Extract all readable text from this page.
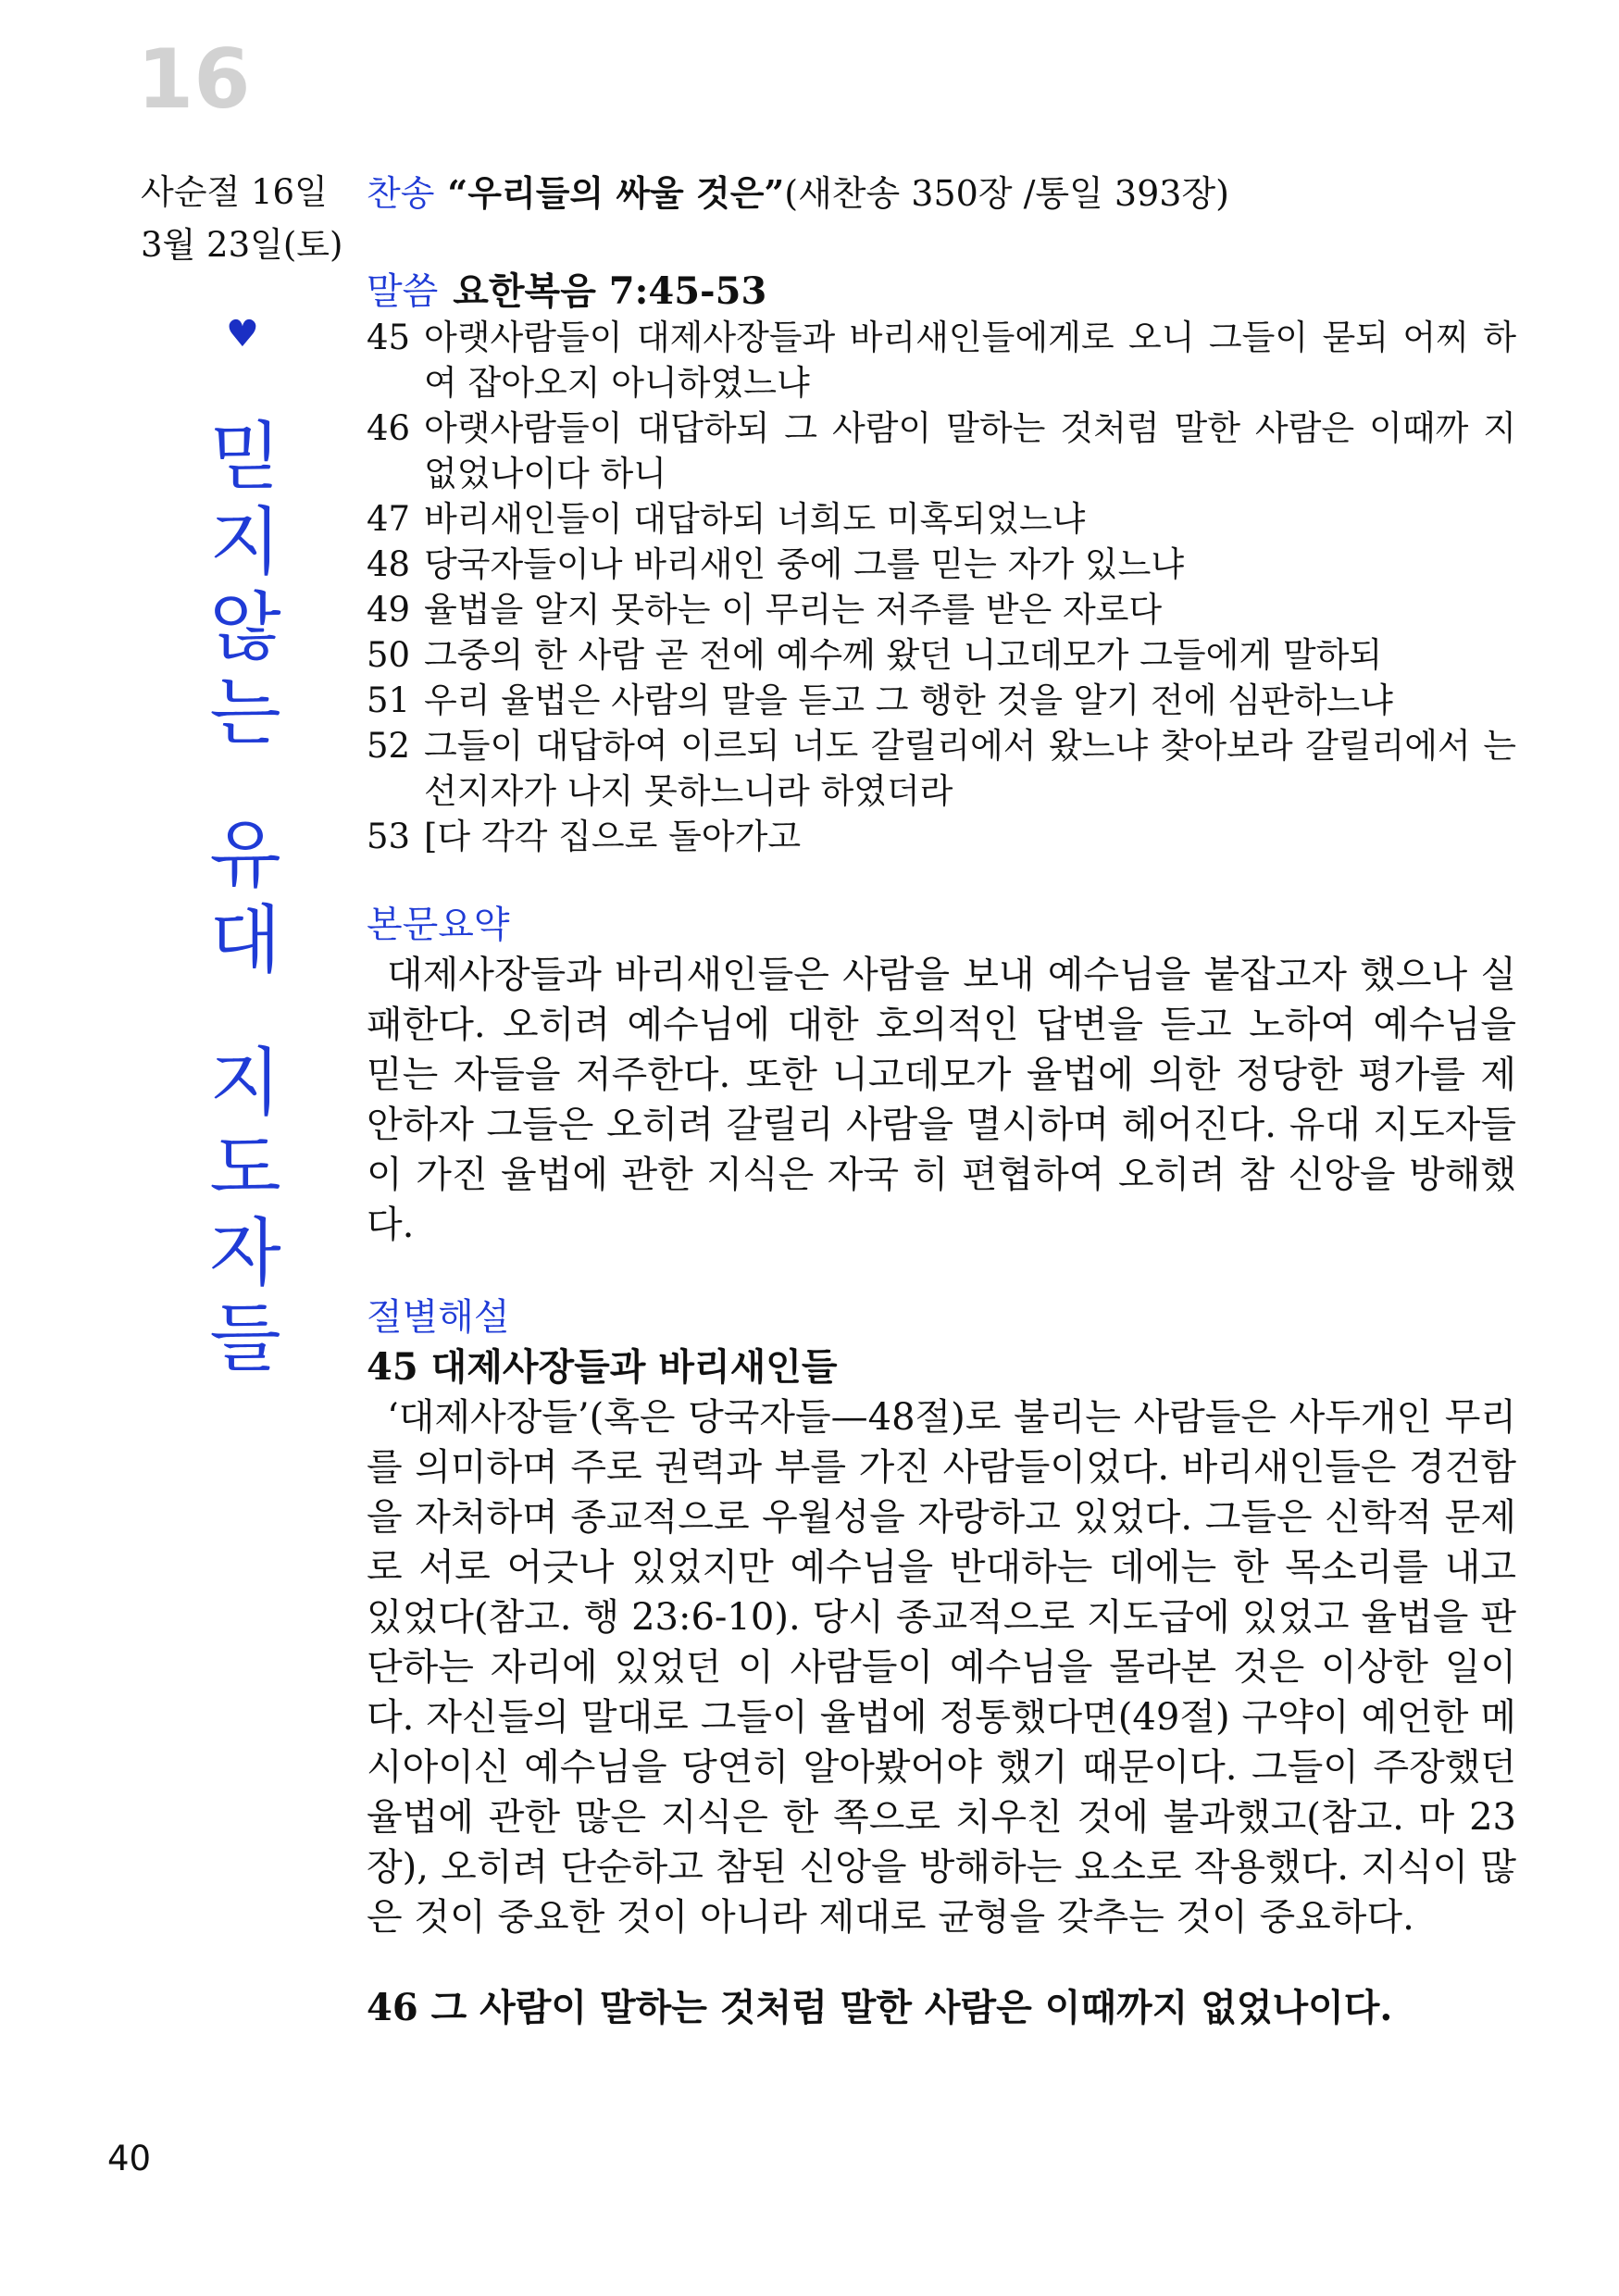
16
사순절 16일
3월 23일(토)
찬송 “우리들의 싸울 것은”(새찬송 350장 /통일 393장)
♥
믿
지
않
는
유
대
지
도
자
들

말씀 요한복음 7:45-53

45 아랫사람들이 대제사장들과 바리새인들에게로 오니 그들이 묻되 어찌 하여 잡아오지 아니하였느냐
46 아랫사람들이 대답하되 그 사람이 말하는 것처럼 말한 사람은 이때까 지 없었나이다 하니
47 바리새인들이 대답하되 너희도 미혹되었느냐
48 당국자들이나 바리새인 중에 그를 믿는 자가 있느냐
49 율법을 알지 못하는 이 무리는 저주를 받은 자로다
50 그중의 한 사람 곧 전에 예수께 왔던 니고데모가 그들에게 말하되
51 우리 율법은 사람의 말을 듣고 그 행한 것을 알기 전에 심판하느냐
52 그들이 대답하여 이르되 너도 갈릴리에서 왔느냐 찾아보라 갈릴리에서 는 선지자가 나지 못하느니라 하였더라
53 [다 각각 집으로 돌아가고

본문요약

대제사장들과 바리새인들은 사람을 보내 예수님을 붙잡고자 했으나 실패한다. 오히려 예수님에 대한 호의적인 답변을 듣고 노하여 예수님을 믿는 자들을 저주한다. 또한 니고데모가 율법에 의한 정당한 평가를 제안하자 그들은 오히려 갈릴리 사람을 멸시하며 헤어진다. 유대 지도자들이 가진 율법에 관한 지식은 자국 히 편협하여 오히려 참 신앙을 방해했다.

절별해설

45 대제사장들과 바리새인들

‘대제사장들’(혹은 당국자들—48절)로 불리는 사람들은 사두개인 무리를 의미하며 주로 권력과 부를 가진 사람들이었다. 바리새인들은 경건함을 자처하며 종교적으로 우월성을 자랑하고 있었다. 그들은 신학적 문제로 서로 어긋나 있었지만 예수님을 반대하는 데에는 한 목소리를 내고 있었다(참고. 행 23:6-10). 당시 종교적으로 지도급에 있었고 율법을 판단하는 자리에 있었던 이 사람들이 예수님을 몰라본 것은 이상한 일이다. 자신들의 말대로 그들이 율법에 정통했다면(49절) 구약이 예언한 메시아이신 예수님을 당연히 알아봤어야 했기 때문이다. 그들이 주장했던 율법에 관한 많은 지식은 한 쪽으로 치우친 것에 불과했고(참고. 마 23장), 오히려 단순하고 참된 신앙을 방해하는 요소로 작용했다. 지식이 많은 것이 중요한 것이 아니라 제대로 균형을 갖추는 것이 중요하다.

46 그 사람이 말하는 것처럼 말한 사람은 이때까지 없었나이다.

40
